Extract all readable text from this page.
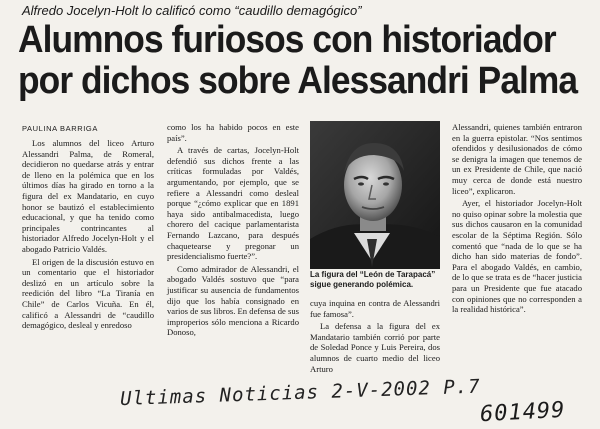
Alfredo Jocelyn-Holt lo calificó como “caudillo demagógico”
Alumnos furiosos con historiador
por dichos sobre Alessandri Palma
PAULINA BARRIGA

Los alumnos del liceo Arturo Alessandri Palma, de Romeral, decidieron no quedarse atrás y entrar de lleno en la polémica que en los últimos días ha girado en torno a la figura del ex Mandatario, en cuyo honor se bautizó el establecimiento educacional, y que ha tenido como principales contrincantes al historiador Alfredo Jocelyn-Holt y el abogado Patricio Valdés.

El origen de la discusión estuvo en un comentario que el historiador deslizó en un artículo sobre la reedición del libro “La Tiranía en Chile” de Carlos Vicuña. En él, calificó a Alessandri de “caudillo demagógico, desleal y enredoso

como los ha habido pocos en este país”.

A través de cartas, Jocelyn-Holt defendió sus dichos frente a las críticas formuladas por Valdés, argumentando, por ejemplo, que se refiere a Alessandri como desleal porque “¿cómo explicar que en 1891 haya sido antibalmacedista, luego chorero del cacique parlamentarista Fernando Lazcano, para después chaquetearse y pregonar un presidencialismo fuerte?”.

Como admirador de Alessandri, el abogado Valdés sostuvo que “para justificar su ausencia de fundamentos dijo que los había consignado en varios de sus libros. En defensa de sus improperios sólo menciona a Ricardo Donoso,

La figura del “León de Tarapacá” sigue generando polémica.

cuya inquina en contra de Alessandri fue famosa”.

La defensa a la figura del ex Mandatario también corrió por parte de Soledad Ponce y Luis Pereira, dos alumnos de cuarto medio del liceo Arturo

Alessandri, quienes también entraron en la guerra epistolar. “Nos sentimos ofendidos y desilusionados de cómo se denigra la imagen que tenemos de un ex Presidente de Chile, que nació muy cerca de donde está nuestro liceo”, explicaron.

Ayer, el historiador Jocelyn-Holt no quiso opinar sobre la molestia que sus dichos causaron en la comunidad escolar de la Séptima Región. Sólo comentó que “nada de lo que se ha dicho han sido materias de fondo”. Para el abogado Valdés, en cambio, de lo que se trata es de “hacer justicia para un Presidente que fue atacado con opiniones que no corresponden a la realidad histórica”.

Ultimas Noticias 2-V-2002 P.7
601499
